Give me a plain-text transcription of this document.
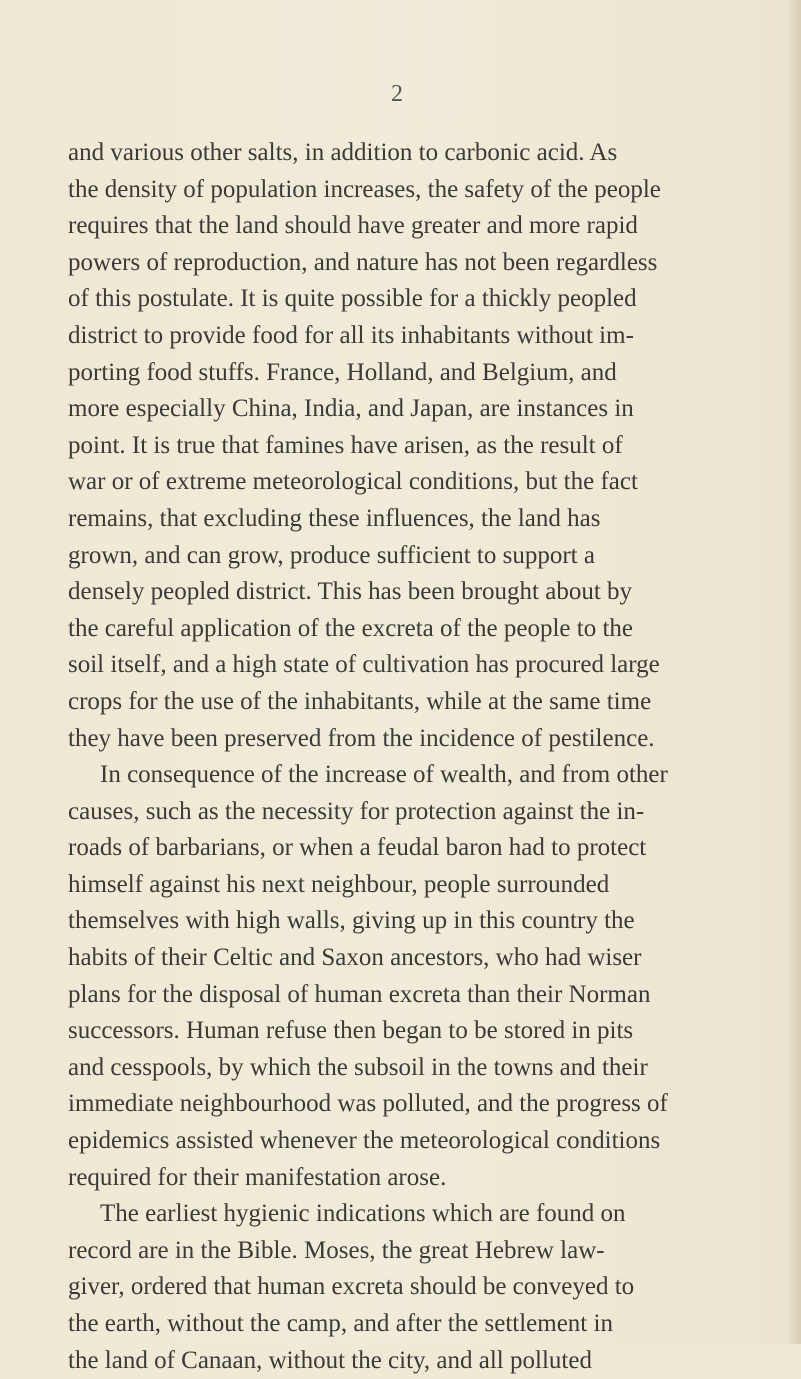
2
and various other salts, in addition to carbonic acid. As
the density of population increases, the safety of the people
requires that the land should have greater and more rapid
powers of reproduction, and nature has not been regardless
of this postulate. It is quite possible for a thickly peopled
district to provide food for all its inhabitants without im-
porting food stuffs. France, Holland, and Belgium, and
more especially China, India, and Japan, are instances in
point. It is true that famines have arisen, as the result of
war or of extreme meteorological conditions, but the fact
remains, that excluding these influences, the land has
grown, and can grow, produce sufficient to support a
densely peopled district. This has been brought about by
the careful application of the excreta of the people to the
soil itself, and a high state of cultivation has procured large
crops for the use of the inhabitants, while at the same time
they have been preserved from the incidence of pestilence.
In consequence of the increase of wealth, and from other
causes, such as the necessity for protection against the in-
roads of barbarians, or when a feudal baron had to protect
himself against his next neighbour, people surrounded
themselves with high walls, giving up in this country the
habits of their Celtic and Saxon ancestors, who had wiser
plans for the disposal of human excreta than their Norman
successors. Human refuse then began to be stored in pits
and cesspools, by which the subsoil in the towns and their
immediate neighbourhood was polluted, and the progress of
epidemics assisted whenever the meteorological conditions
required for their manifestation arose.
The earliest hygienic indications which are found on
record are in the Bible. Moses, the great Hebrew law-
giver, ordered that human excreta should be conveyed to
the earth, without the camp, and after the settlement in
the land of Canaan, without the city, and all polluted
